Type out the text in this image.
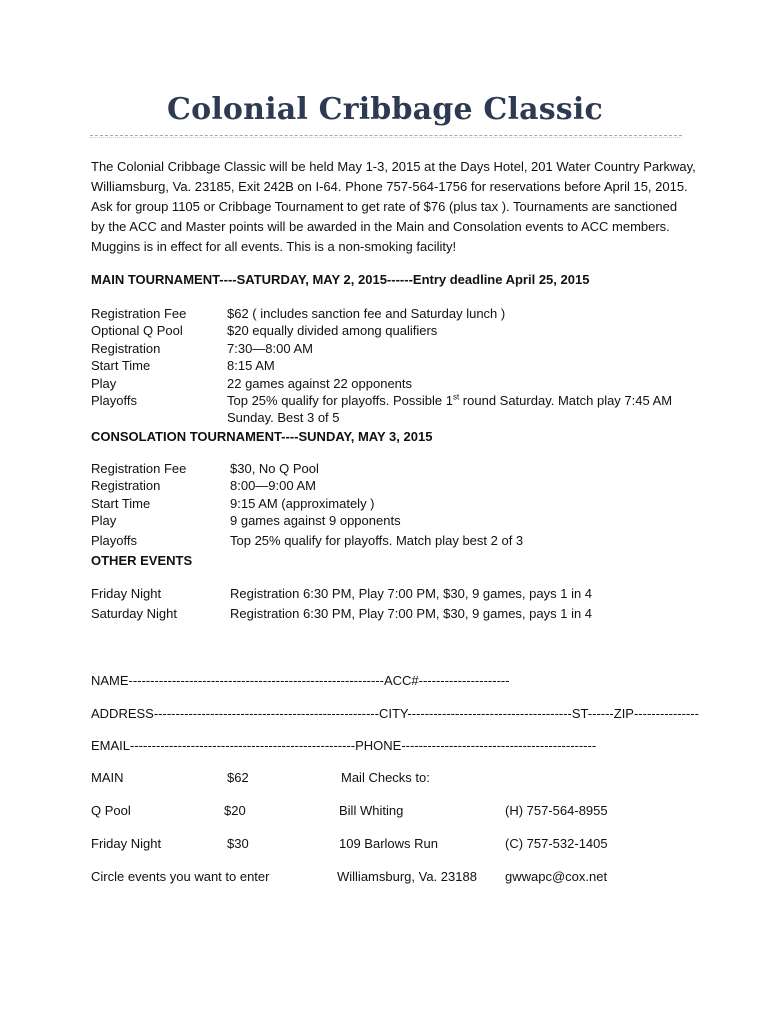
Colonial Cribbage Classic
The Colonial Cribbage Classic will be held May 1-3, 2015 at the Days Hotel, 201 Water Country Parkway,
Williamsburg, Va. 23185, Exit 242B on I-64. Phone 757-564-1756 for reservations before April 15, 2015.
Ask for group 1105 or Cribbage Tournament to get rate of $76 (plus tax ). Tournaments are sanctioned
by the ACC and Master points will be awarded in the Main and Consolation events to ACC members.
Muggins is in effect for all events. This is a non-smoking facility!
MAIN TOURNAMENT----SATURDAY, MAY 2, 2015------Entry deadline April 25, 2015
Registration Fee	$62 ( includes sanction fee and Saturday lunch )
Optional Q Pool	$20 equally divided among qualifiers
Registration	7:30—8:00 AM
Start Time	8:15 AM
Play	22 games against 22 opponents
Playoffs	Top 25% qualify for playoffs. Possible 1st round Saturday. Match play 7:45 AM
Sunday. Best 3 of 5
CONSOLATION TOURNAMENT----SUNDAY, MAY 3, 2015
Registration Fee	$30, No Q Pool
Registration	8:00—9:00 AM
Start Time	9:15 AM (approximately )
Play	9 games against 9 opponents
Playoffs	Top 25% qualify for playoffs. Match play best 2 of 3
OTHER EVENTS
Friday Night	Registration 6:30 PM, Play 7:00 PM, $30, 9 games, pays 1 in 4
Saturday Night	Registration 6:30 PM, Play 7:00 PM, $30, 9 games, pays 1 in 4
NAME-----------------------------------------------------------ACC#---------------------
ADDRESS----------------------------------------------------CITY--------------------------------------ST------ZIP---------------
EMAIL----------------------------------------------------PHONE---------------------------------------------
MAIN	$62	Mail Checks to:
Q Pool	$20	Bill Whiting	(H) 757-564-8955
Friday Night	$30	109 Barlows Run	(C) 757-532-1405
Circle events you want to enter	Williamsburg, Va. 23188 gwwapc@cox.net
